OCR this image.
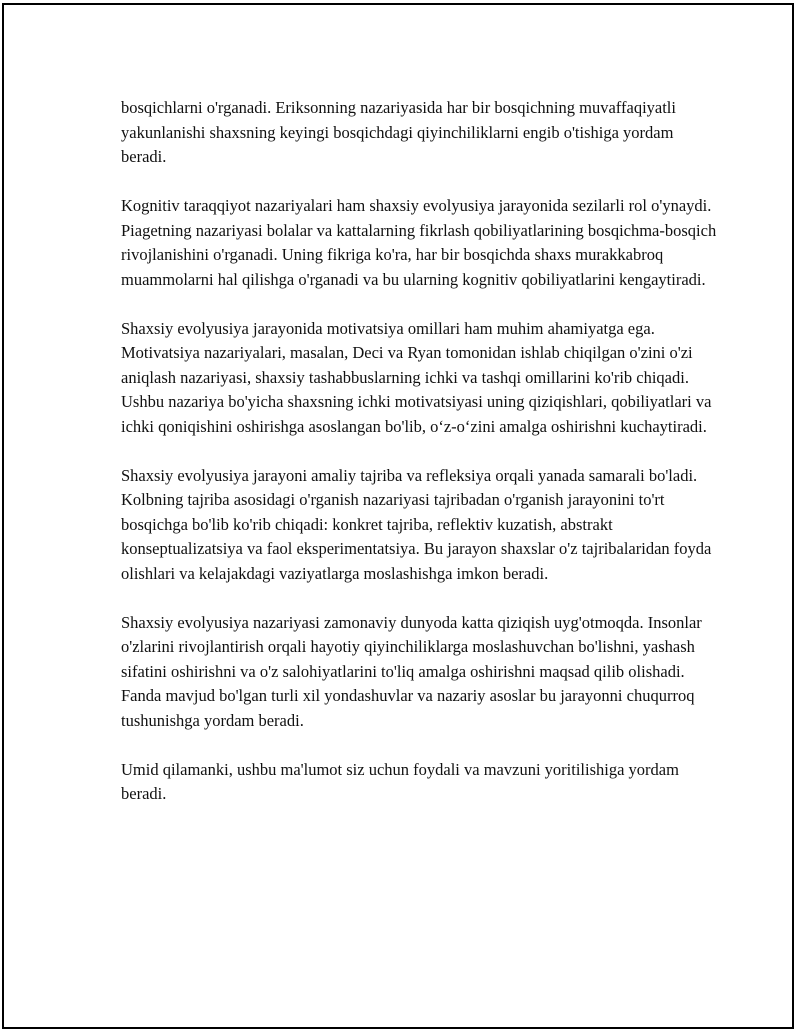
bosqichlarni o'rganadi. Eriksonning nazariyasida har bir bosqichning muvaffaqiyatli yakunlanishi shaxsning keyingi bosqichdagi qiyinchiliklarni engib o'tishiga yordam beradi.

Kognitiv taraqqiyot nazariyalari ham shaxsiy evolyusiya jarayonida sezilarli rol o'ynaydi. Piagetning nazariyasi bolalar va kattalarning fikrlash qobiliyatlarining bosqichma-bosqich rivojlanishini o'rganadi. Uning fikriga ko'ra, har bir bosqichda shaxs murakkabroq muammolarni hal qilishga o'rganadi va bu ularning kognitiv qobiliyatlarini kengaytiradi.

Shaxsiy evolyusiya jarayonida motivatsiya omillari ham muhim ahamiyatga ega. Motivatsiya nazariyalari, masalan, Deci va Ryan tomonidan ishlab chiqilgan o'zini o'zi aniqlash nazariyasi, shaxsiy tashabbuslarning ichki va tashqi omillarini ko'rib chiqadi. Ushbu nazariya bo'yicha shaxsning ichki motivatsiyasi uning qiziqishlari, qobiliyatlari va ichki qoniqishini oshirishga asoslangan bo'lib, o‘z-o‘zini amalga oshirishni kuchaytiradi.

Shaxsiy evolyusiya jarayoni amaliy tajriba va refleksiya orqali yanada samarali bo'ladi. Kolbning tajriba asosidagi o'rganish nazariyasi tajribadan o'rganish jarayonini to'rt bosqichga bo'lib ko'rib chiqadi: konkret tajriba, reflektiv kuzatish, abstrakt konseptualizatsiya va faol eksperimentatsiya. Bu jarayon shaxslar o'z tajribalaridan foyda olishlari va kelajakdagi vaziyatlarga moslashishga imkon beradi.

Shaxsiy evolyusiya nazariyasi zamonaviy dunyoda katta qiziqish uyg'otmoqda. Insonlar o'zlarini rivojlantirish orqali hayotiy qiyinchiliklarga moslashuvchan bo'lishni, yashash sifatini oshirishni va o'z salohiyatlarini to'liq amalga oshirishni maqsad qilib olishadi. Fanda mavjud bo'lgan turli xil yondashuvlar va nazariy asoslar bu jarayonni chuqurroq tushunishga yordam beradi.

Umid qilamanki, ushbu ma'lumot siz uchun foydali va mavzuni yoritilishiga yordam beradi.
